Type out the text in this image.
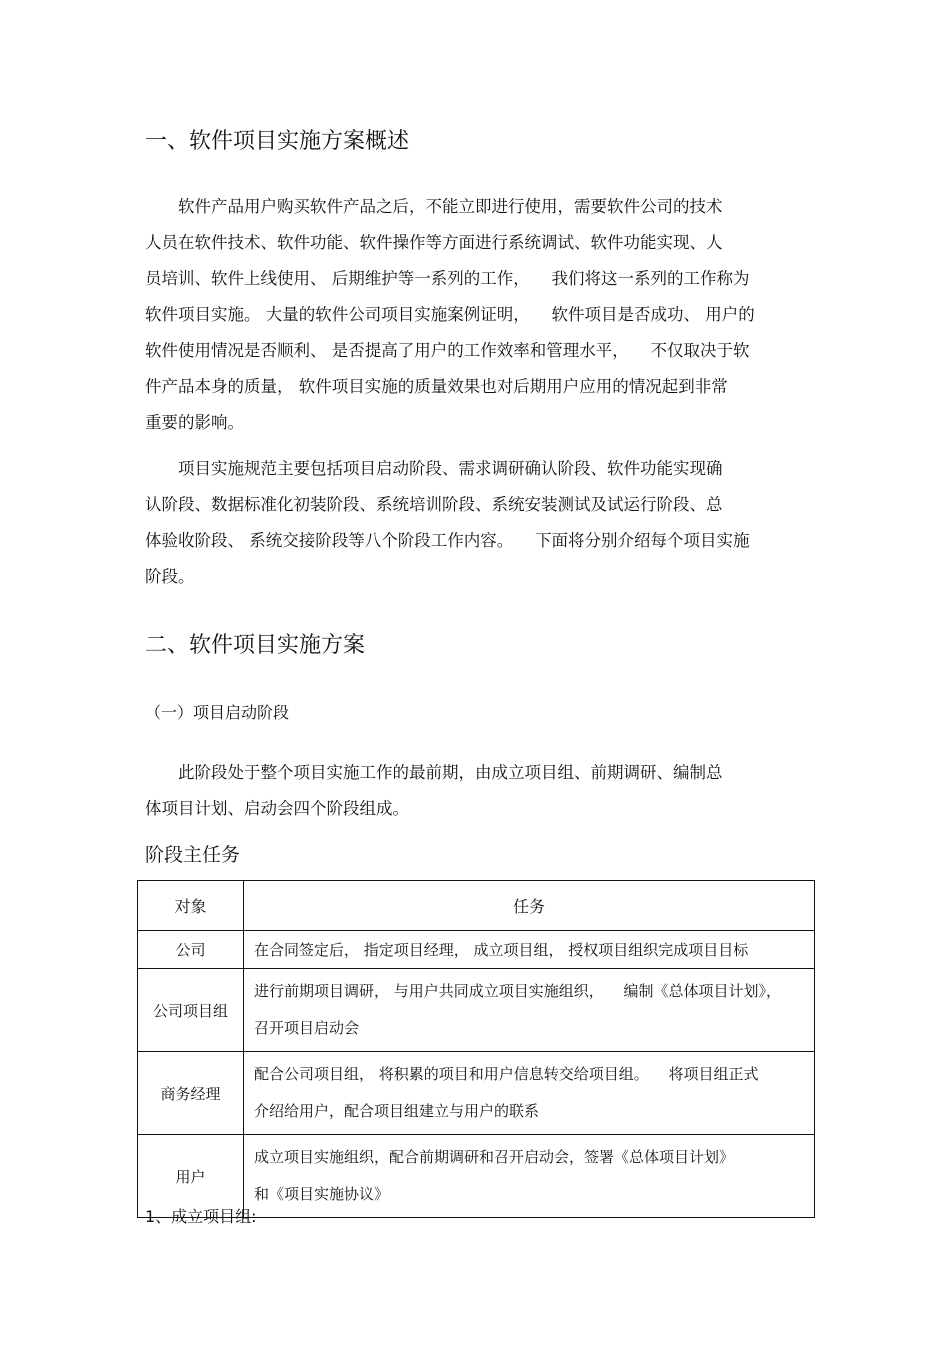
一、软件项目实施方案概述
软件产品用户购买软件产品之后，不能立即进行使用，需要软件公司的技术
人员在软件技术、软件功能、软件操作等方面进行系统调试、软件功能实现、人
员培训、软件上线使用、 后期维护等一系列的工作， 　我们将这一系列的工作称为
软件项目实施。 大量的软件公司项目实施案例证明， 　软件项目是否成功、 用户的
软件使用情况是否顺利、 是否提高了用户的工作效率和管理水平， 　不仅取决于软
件产品本身的质量， 软件项目实施的质量效果也对后期用户应用的情况起到非常
重要的影响。
项目实施规范主要包括项目启动阶段、需求调研确认阶段、软件功能实现确
认阶段、数据标准化初装阶段、系统培训阶段、系统安装测试及试运行阶段、总
体验收阶段、 系统交接阶段等八个阶段工作内容。 　下面将分别介绍每个项目实施
阶段。
二、软件项目实施方案

（一）项目启动阶段

此阶段处于整个项目实施工作的最前期，由成立项目组、前期调研、编制总
体项目计划、启动会四个阶段组成。

阶段主任务

对象	任务
公司	在合同签定后， 指定项目经理， 成立项目组， 授权项目组织完成项目目标

公司项目组	进行前期项目调研， 与用户共同成立项目实施组织， 　编制《总体项目计划》，
召开项目启动会

商务经理	配合公司项目组， 将积累的项目和用户信息转交给项目组。 　将项目组正式
介绍给用户，配合项目组建立与用户的联系

用户	成立项目实施组织，配合前期调研和召开启动会，签署《总体项目计划》
和《项目实施协议》

1、成立项目组:
